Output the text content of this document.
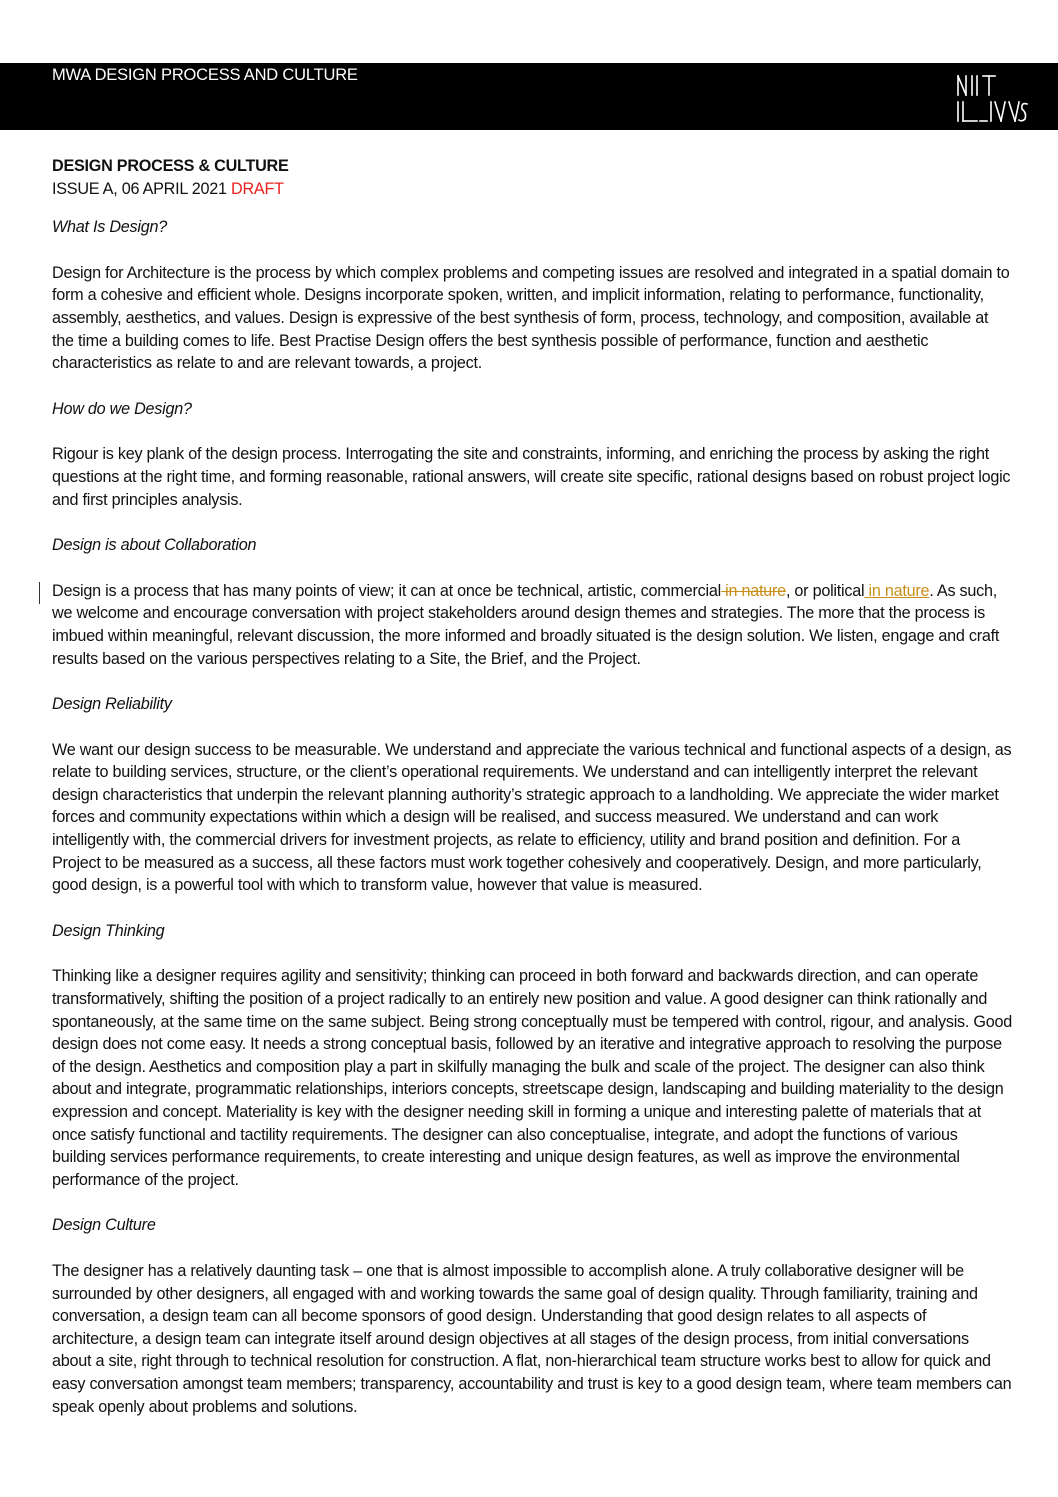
MWA DESIGN PROCESS AND CULTURE

DESIGN PROCESS & CULTURE

ISSUE A, 06 APRIL 2021 DRAFT

What Is Design?

Design for Architecture is the process by which complex problems and competing issues are resolved and integrated in a spatial domain to form a cohesive and efficient whole. Designs incorporate spoken, written, and implicit information, relating to performance, functionality, assembly, aesthetics, and values. Design is expressive of the best synthesis of form, process, technology, and composition, available at the time a building comes to life. Best Practise Design offers the best synthesis possible of performance, function and aesthetic characteristics as relate to and are relevant towards, a project.

How do we Design?

Rigour is key plank of the design process. Interrogating the site and constraints, informing, and enriching the process by asking the right questions at the right time, and forming reasonable, rational answers, will create site specific, rational designs based on robust project logic and first principles analysis.

Design is about Collaboration

Design is a process that has many points of view; it can at once be technical, artistic, commercial in nature, or political in nature. As such, we welcome and encourage conversation with project stakeholders around design themes and strategies. The more that the process is imbued within meaningful, relevant discussion, the more informed and broadly situated is the design solution. We listen, engage and craft results based on the various perspectives relating to a Site, the Brief, and the Project.

Design Reliability

We want our design success to be measurable. We understand and appreciate the various technical and functional aspects of a design, as relate to building services, structure, or the client’s operational requirements. We understand and can intelligently interpret the relevant design characteristics that underpin the relevant planning authority’s strategic approach to a landholding. We appreciate the wider market forces and community expectations within which a design will be realised, and success measured. We understand and can work intelligently with, the commercial drivers for investment projects, as relate to efficiency, utility and brand position and definition. For a Project to be measured as a success, all these factors must work together cohesively and cooperatively. Design, and more particularly, good design, is a powerful tool with which to transform value, however that value is measured.

Design Thinking

Thinking like a designer requires agility and sensitivity; thinking can proceed in both forward and backwards direction, and can operate transformatively, shifting the position of a project radically to an entirely new position and value. A good designer can think rationally and spontaneously, at the same time on the same subject. Being strong conceptually must be tempered with control, rigour, and analysis. Good design does not come easy. It needs a strong conceptual basis, followed by an iterative and integrative approach to resolving the purpose of the design. Aesthetics and composition play a part in skilfully managing the bulk and scale of the project. The designer can also think about and integrate, programmatic relationships, interiors concepts, streetscape design, landscaping and building materiality to the design expression and concept. Materiality is key with the designer needing skill in forming a unique and interesting palette of materials that at once satisfy functional and tactility requirements. The designer can also conceptualise, integrate, and adopt the functions of various building services performance requirements, to create interesting and unique design features, as well as improve the environmental performance of the project.

Design Culture

The designer has a relatively daunting task – one that is almost impossible to accomplish alone. A truly collaborative designer will be surrounded by other designers, all engaged with and working towards the same goal of design quality. Through familiarity, training and conversation, a design team can all become sponsors of good design. Understanding that good design relates to all aspects of architecture, a design team can integrate itself around design objectives at all stages of the design process, from initial conversations about a site, right through to technical resolution for construction. A flat, non-hierarchical team structure works best to allow for quick and easy conversation amongst team members; transparency, accountability and trust is key to a good design team, where team members can speak openly about problems and solutions.
